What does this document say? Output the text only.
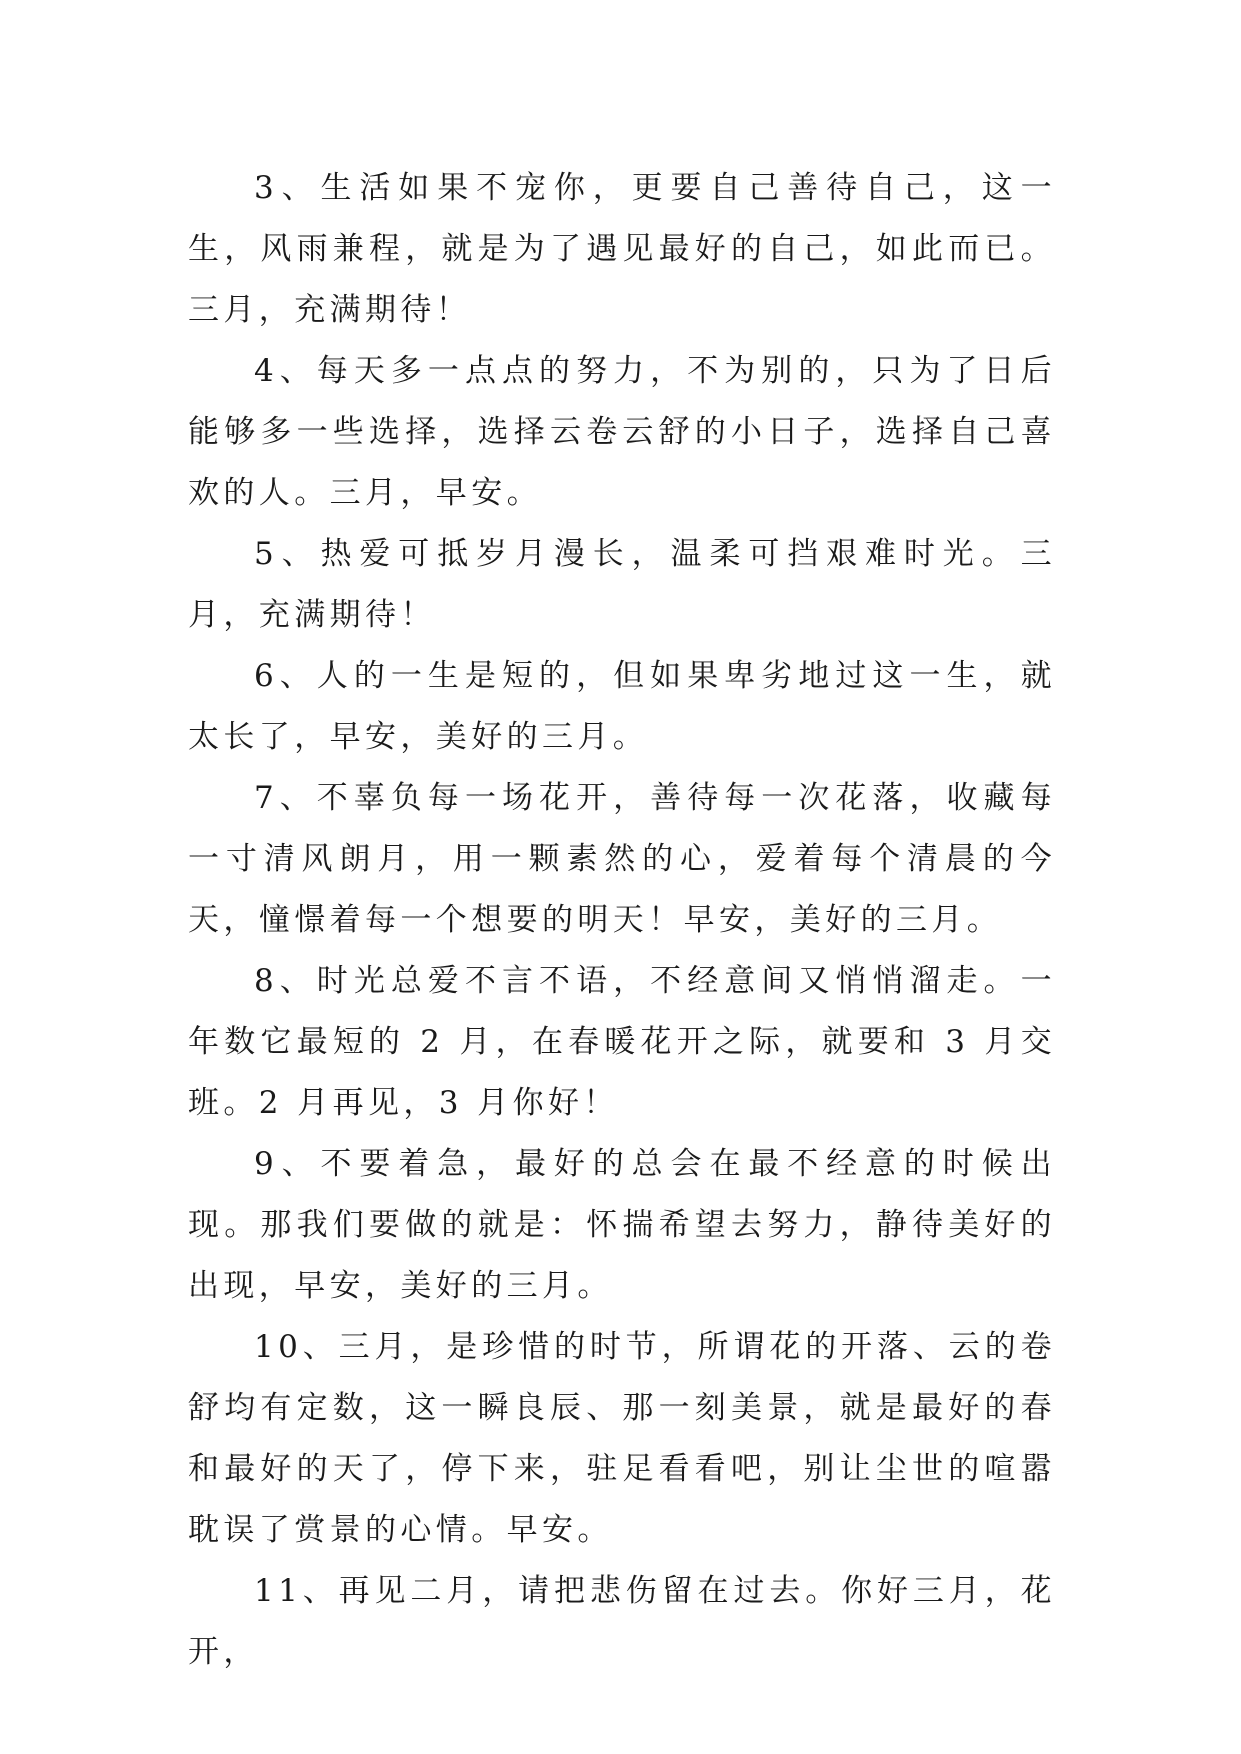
3、生活如果不宠你，更要自己善待自己，这一生，风雨兼程，就是为了遇见最好的自己，如此而已。三月，充满期待！

4、每天多一点点的努力，不为别的，只为了日后能够多一些选择，选择云卷云舒的小日子，选择自己喜欢的人。三月，早安。

5、热爱可抵岁月漫长，温柔可挡艰难时光。三月，充满期待！

6、人的一生是短的，但如果卑劣地过这一生，就太长了，早安，美好的三月。

7、不辜负每一场花开，善待每一次花落，收藏每一寸清风朗月，用一颗素然的心，爱着每个清晨的今天，憧憬着每一个想要的明天！早安，美好的三月。

8、时光总爱不言不语，不经意间又悄悄溜走。一年数它最短的 2 月，在春暖花开之际，就要和 3 月交班。2 月再见，3 月你好！

9、不要着急，最好的总会在最不经意的时候出现。那我们要做的就是：怀揣希望去努力，静待美好的出现，早安，美好的三月。

10、三月，是珍惜的时节，所谓花的开落、云的卷舒均有定数，这一瞬良辰、那一刻美景，就是最好的春和最好的天了，停下来，驻足看看吧，别让尘世的喧嚣耽误了赏景的心情。早安。

11、再见二月，请把悲伤留在过去。你好三月，花开，
